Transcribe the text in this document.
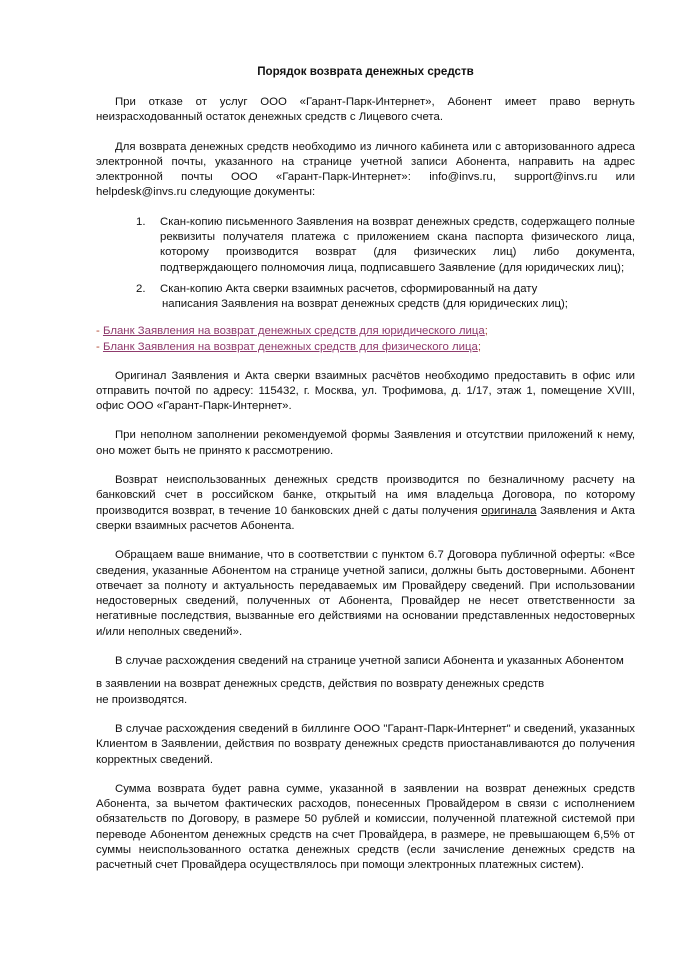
Порядок возврата денежных средств
При отказе от услуг ООО «Гарант-Парк-Интернет», Абонент имеет право вернуть неизрасходованный остаток денежных средств с Лицевого счета.
Для возврата денежных средств необходимо из личного кабинета или с авторизованного адреса электронной почты, указанного на странице учетной записи Абонента, направить на адрес электронной почты ООО «Гарант-Парк-Интернет»: info@invs.ru, support@invs.ru или helpdesk@invs.ru следующие документы:
1. Скан-копию письменного Заявления на возврат денежных средств, содержащего полные реквизиты получателя платежа с приложением скана паспорта физического лица, которому производится возврат (для физических лиц) либо документа, подтверждающего полномочия лица, подписавшего Заявление (для юридических лиц);
2. Скан-копию Акта сверки взаимных расчетов, сформированный на дату
написания Заявления на возврат денежных средств (для юридических лиц);
- Бланк Заявления на возврат денежных средств для юридического лица;
- Бланк Заявления на возврат денежных средств для физического лица;
Оригинал Заявления и Акта сверки взаимных расчётов необходимо предоставить в офис или отправить почтой по адресу: 115432, г. Москва, ул. Трофимова, д. 1/17, этаж 1, помещение XVIII, офис ООО «Гарант-Парк-Интернет».
При неполном заполнении рекомендуемой формы Заявления и отсутствии приложений к нему, оно может быть не принято к рассмотрению.
Возврат неиспользованных денежных средств производится по безналичному расчету на банковский счет в российском банке, открытый на имя владельца Договора, по которому производится возврат, в течение 10 банковских дней с даты получения оригинала Заявления и Акта сверки взаимных расчетов Абонента.
Обращаем ваше внимание, что в соответствии с пунктом 6.7 Договора публичной оферты: «Все сведения, указанные Абонентом на странице учетной записи, должны быть достоверными. Абонент отвечает за полноту и актуальность передаваемых им Провайдеру сведений. При использовании недостоверных сведений, полученных от Абонента, Провайдер не несет ответственности за негативные последствия, вызванные его действиями на основании представленных недостоверных и/или неполных сведений».
В случае расхождения сведений на странице учетной записи Абонента и указанных Абонентом
в заявлении на возврат денежных средств, действия по возврату денежных средств
не производятся.
В случае расхождения сведений в биллинге ООО "Гарант-Парк-Интернет" и сведений, указанных Клиентом в Заявлении, действия по возврату денежных средств приостанавливаются до получения корректных сведений.
Сумма возврата будет равна сумме, указанной в заявлении на возврат денежных средств Абонента, за вычетом фактических расходов, понесенных Провайдером в связи с исполнением обязательств по Договору, в размере 50 рублей и комиссии, полученной платежной системой при переводе Абонентом денежных средств на счет Провайдера, в размере, не превышающем 6,5% от суммы неиспользованного остатка денежных средств (если зачисление денежных средств на расчетный счет Провайдера осуществлялось при помощи электронных платежных систем).
